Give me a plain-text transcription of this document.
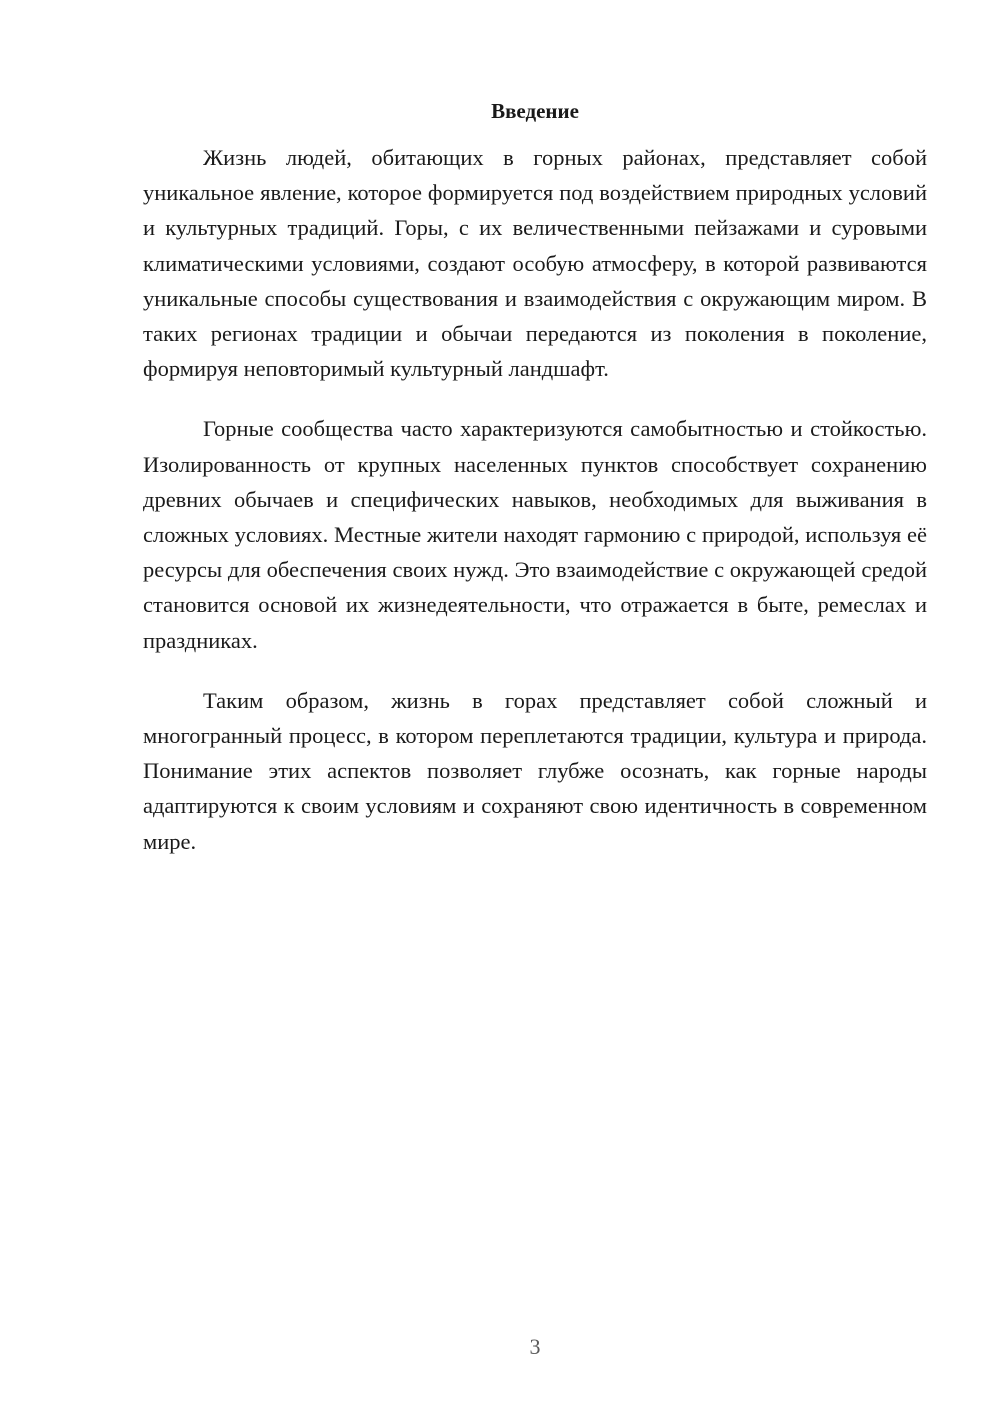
Введение

Жизнь людей, обитающих в горных районах, представляет собой уникальное явление, которое формируется под воздействием природных условий и культурных традиций. Горы, с их величественными пейзажами и суровыми климатическими условиями, создают особую атмосферу, в которой развиваются уникальные способы существования и взаимодействия с окружающим миром. В таких регионах традиции и обычаи передаются из поколения в поколение, формируя неповторимый культурный ландшафт.

Горные сообщества часто характеризуются самобытностью и стойкостью. Изолированность от крупных населенных пунктов способствует сохранению древних обычаев и специфических навыков, необходимых для выживания в сложных условиях. Местные жители находят гармонию с природой, используя её ресурсы для обеспечения своих нужд. Это взаимодействие с окружающей средой становится основой их жизнедеятельности, что отражается в быте, ремеслах и праздниках.

Таким образом, жизнь в горах представляет собой сложный и многогранный процесс, в котором переплетаются традиции, культура и природа. Понимание этих аспектов позволяет глубже осознать, как горные народы адаптируются к своим условиям и сохраняют свою идентичность в современном мире.

3
